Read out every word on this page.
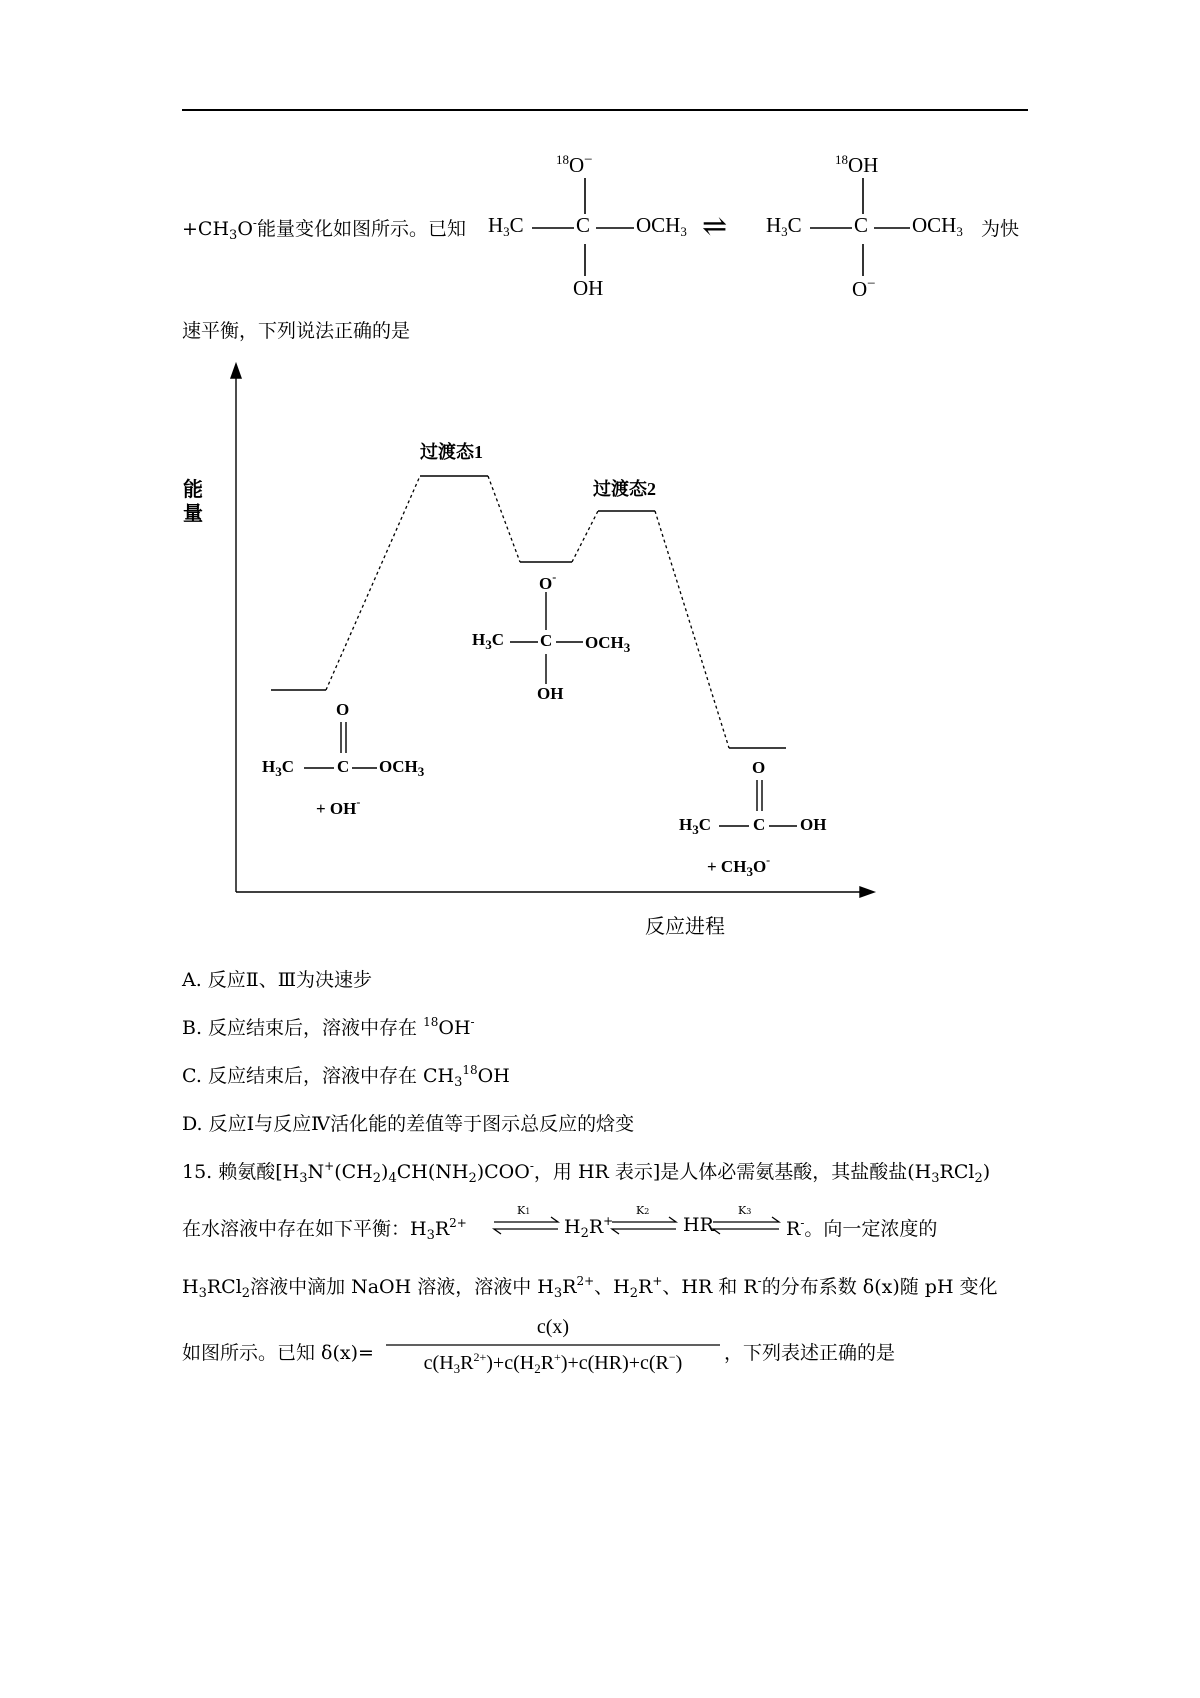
$+CH_3O^-$能量变化如图所示。已知
$^{18}$O−
$H_3C$ C $OCH_3$
OH
⇌
$^{18}$OH
$H_3C$ C $OCH_3$
O−
为快
速平衡，下列说法正确的是
能量
过渡态1
过渡态2
反应进程
O
$H_3C$	C $OCH_3$
+ OH-
O-
$H_3C$ C $OCH_3$
OH
O
$H_3C$ C OH
+ $CH_3O^-$
A. 反应Ⅱ、Ⅲ为决速步
B. 反应结束后，溶液中存在 $^{18}$OH-
C. 反应结束后，溶液中存在 $CH_3^{18}OH$
D. 反应Ⅰ与反应Ⅳ活化能的差值等于图示总反应的焓变
15. 赖氨酸[$H_3N^+(CH_2)_4CH(NH_2)COO^-$，用 HR 表示]是人体必需氨基酸，其盐酸盐$(H_3RCl_2)$
在水溶液中存在如下平衡：$H_3R^{2+}$
K1
$H_2R^+$
K2
HR
K3
R-。向一定浓度的
$H_3RCl_2$溶液中滴加 NaOH 溶液，溶液中 $H_3R^{2+}$、$H_2R^+$、HR 和 R-的分布系数 δ(x)随 pH 变化
如图所示。已知 δ(x)=
c(x)
$c(H_3R^{2+})+c(H_2R^+)+c(HR)+c(R^-)$	，下列表述正确的是
